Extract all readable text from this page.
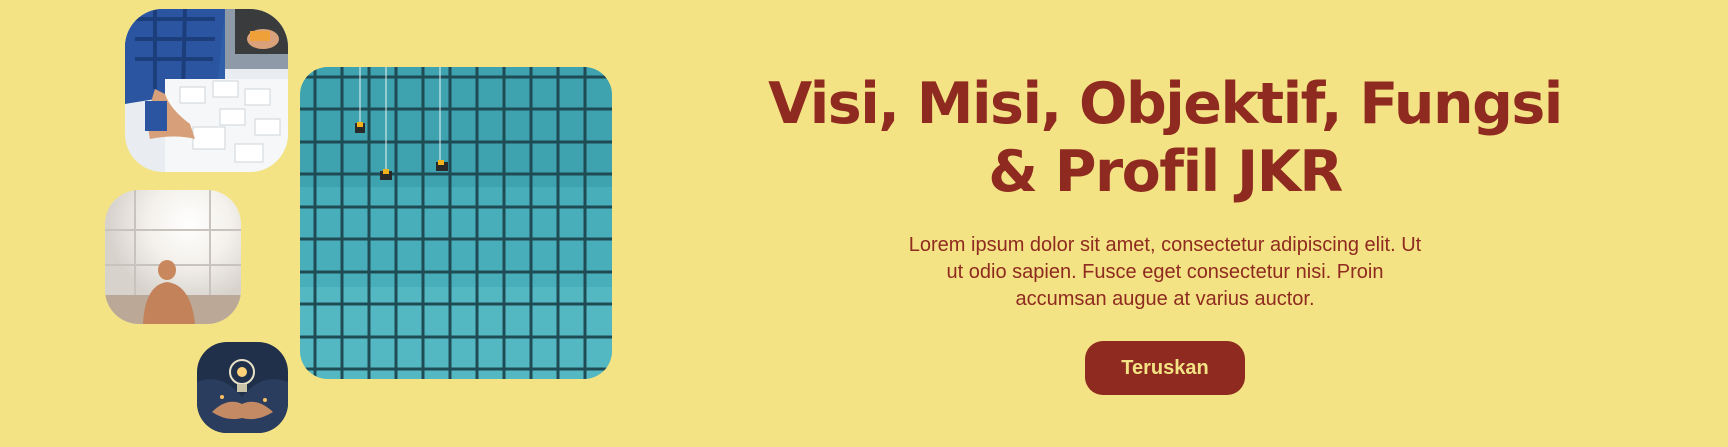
Visi, Misi, Objektif, Fungsi
& Profil JKR

Lorem ipsum dolor sit amet, consectetur adipiscing elit. Ut ut odio sapien. Fusce eget consectetur nisi. Proin accumsan augue at varius auctor.

Teruskan
